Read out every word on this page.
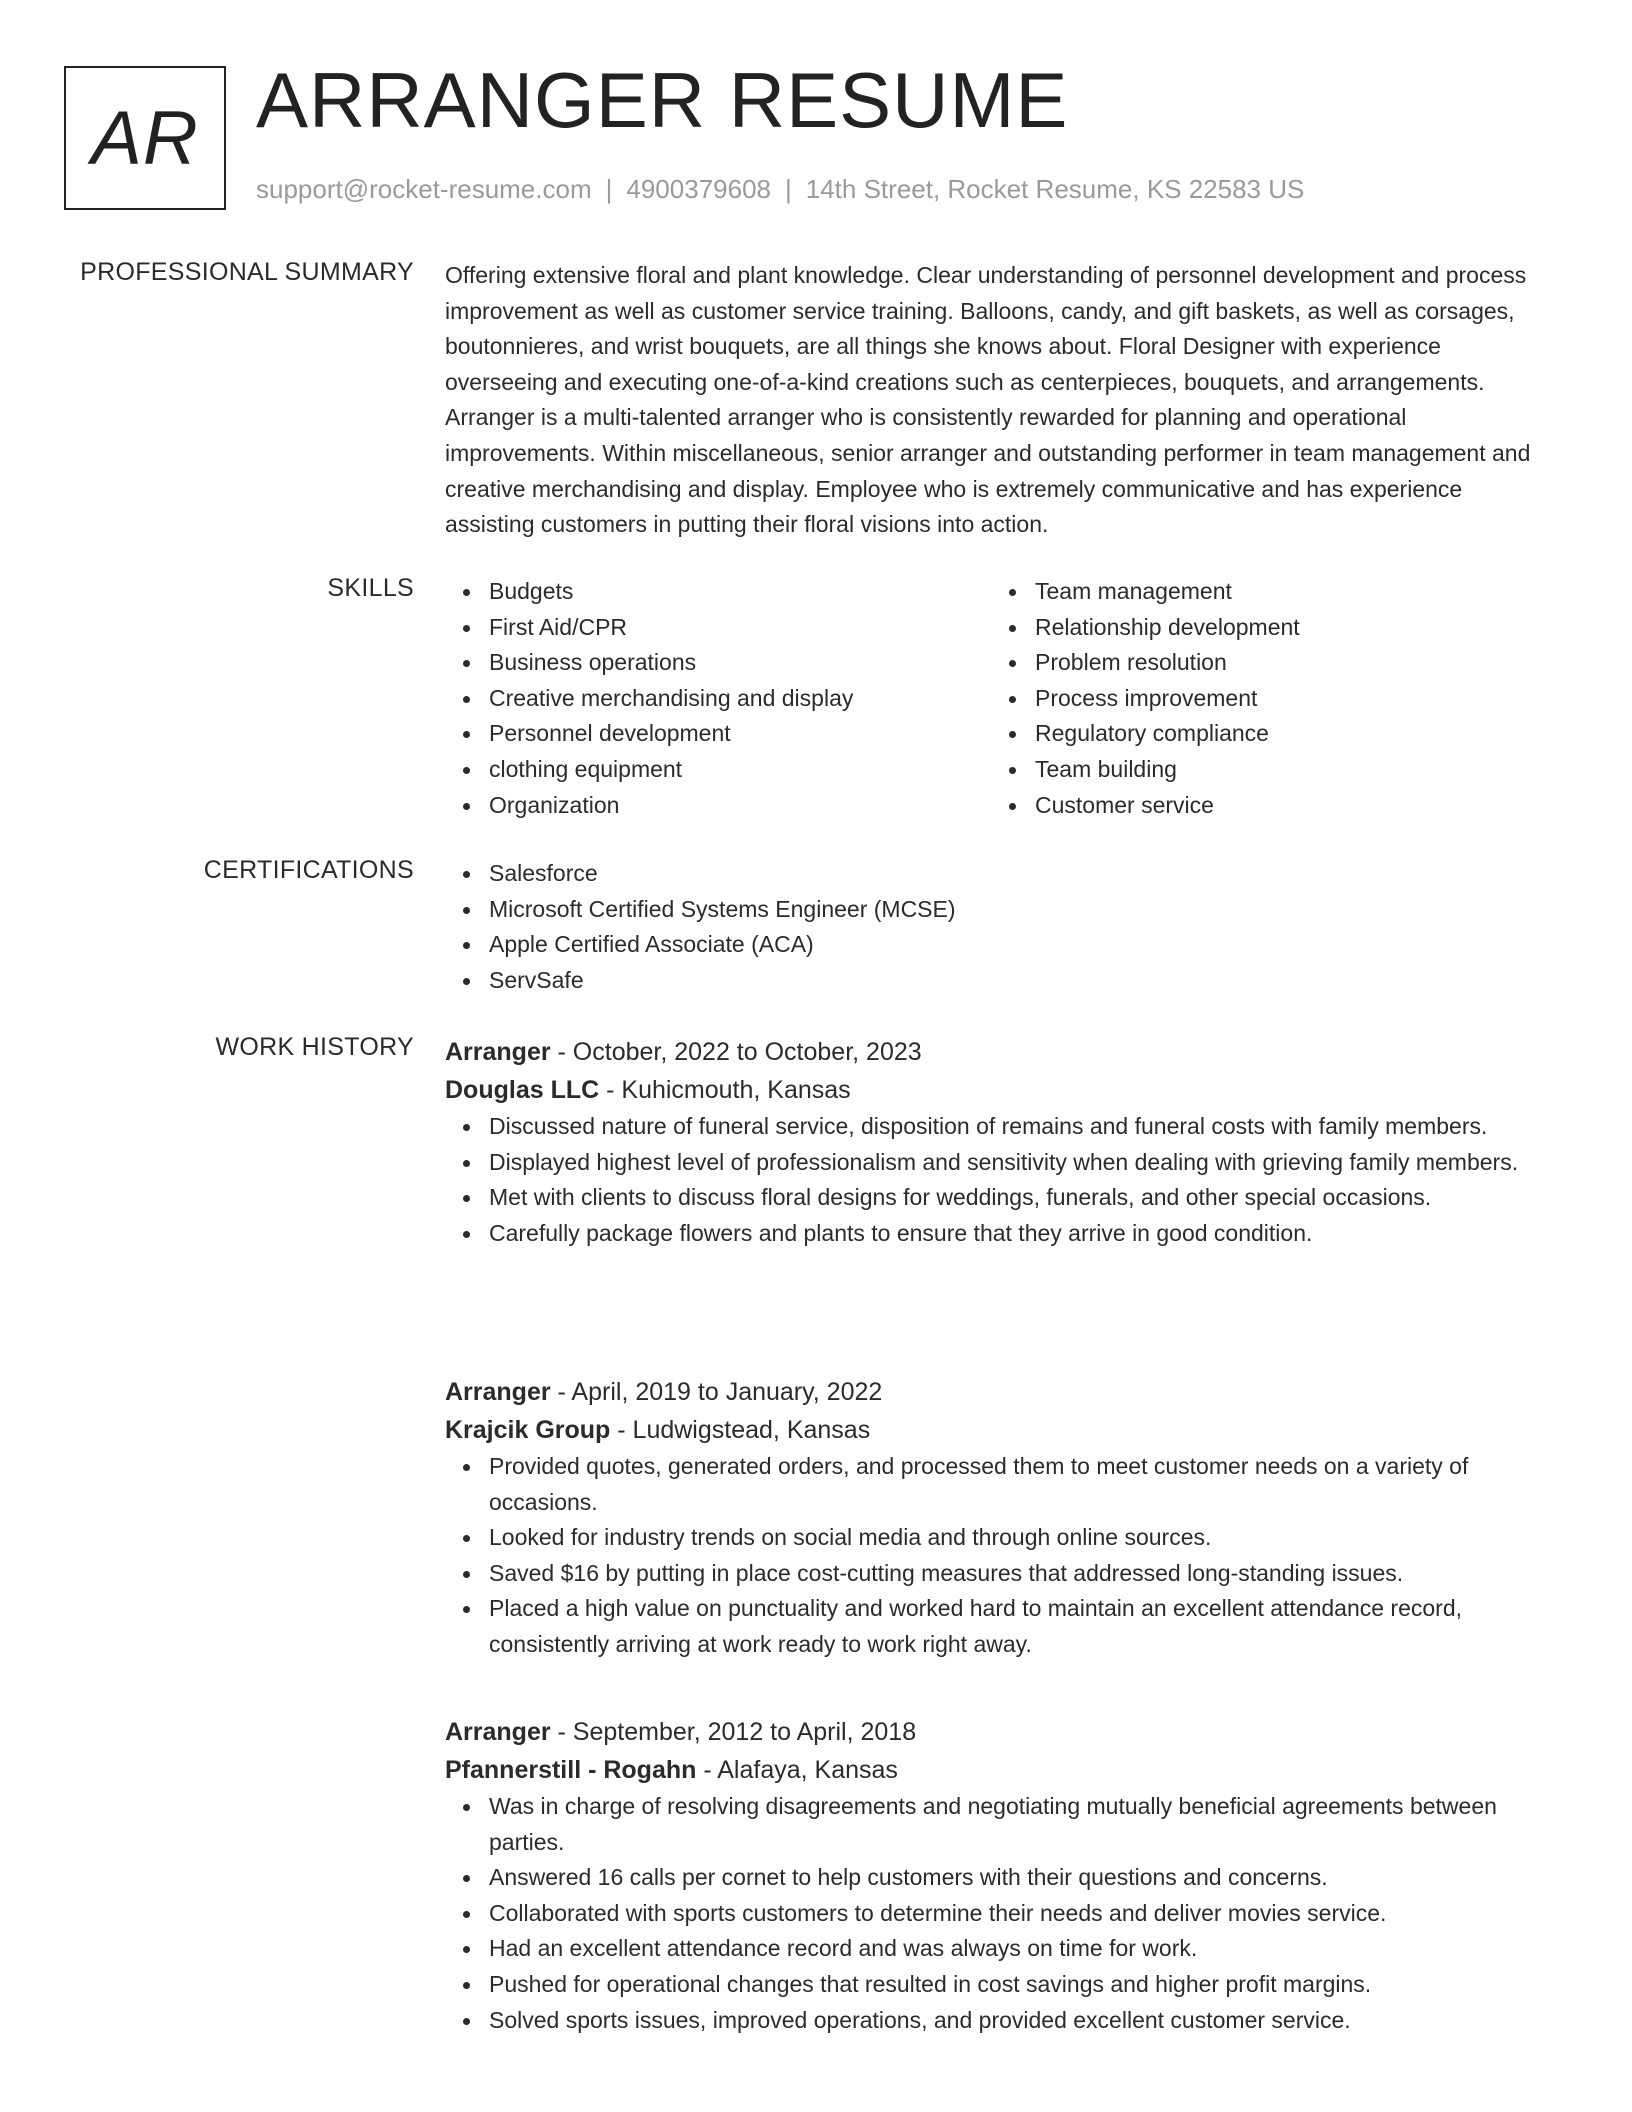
AR ARRANGER RESUME
support@rocket-resume.com | 4900379608 | 14th Street, Rocket Resume, KS 22583 US
PROFESSIONAL SUMMARY Offering extensive floral and plant knowledge. Clear understanding of personnel development and process improvement as well as customer service training. Balloons, candy, and gift baskets, as well as corsages, boutonnieres, and wrist bouquets, are all things she knows about. Floral Designer with experience overseeing and executing one-of-a-kind creations such as centerpieces, bouquets, and arrangements. Arranger is a multi-talented arranger who is consistently rewarded for planning and operational improvements. Within miscellaneous, senior arranger and outstanding performer in team management and creative merchandising and display. Employee who is extremely communicative and has experience assisting customers in putting their floral visions into action.
SKILLS	Budgets
First Aid/CPR
Business operations
Creative merchandising and display
Personnel development
clothing equipment
Organization
Team management
Relationship development
Problem resolution
Process improvement
Regulatory compliance
Team building
Customer service
CERTIFICATIONS	Salesforce
Microsoft Certified Systems Engineer (MCSE)
Apple Certified Associate (ACA)
ServSafe
WORK HISTORY Arranger - October, 2022 to October, 2023
Douglas LLC - Kuhicmouth, Kansas
Discussed nature of funeral service, disposition of remains and funeral costs with family members.
Displayed highest level of professionalism and sensitivity when dealing with grieving family members.
Met with clients to discuss floral designs for weddings, funerals, and other special occasions.
Carefully package flowers and plants to ensure that they arrive in good condition.
Arranger - April, 2019 to January, 2022
Krajcik Group - Ludwigstead, Kansas
Provided quotes, generated orders, and processed them to meet customer needs on a variety of occasions.
Looked for industry trends on social media and through online sources.
Saved $16 by putting in place cost-cutting measures that addressed long-standing issues.
Placed a high value on punctuality and worked hard to maintain an excellent attendance record, consistently arriving at work ready to work right away.
Arranger - September, 2012 to April, 2018
Pfannerstill - Rogahn - Alafaya, Kansas
Was in charge of resolving disagreements and negotiating mutually beneficial agreements between parties.
Answered 16 calls per cornet to help customers with their questions and concerns.
Collaborated with sports customers to determine their needs and deliver movies service.
Had an excellent attendance record and was always on time for work.
Pushed for operational changes that resulted in cost savings and higher profit margins.
Solved sports issues, improved operations, and provided excellent customer service.
